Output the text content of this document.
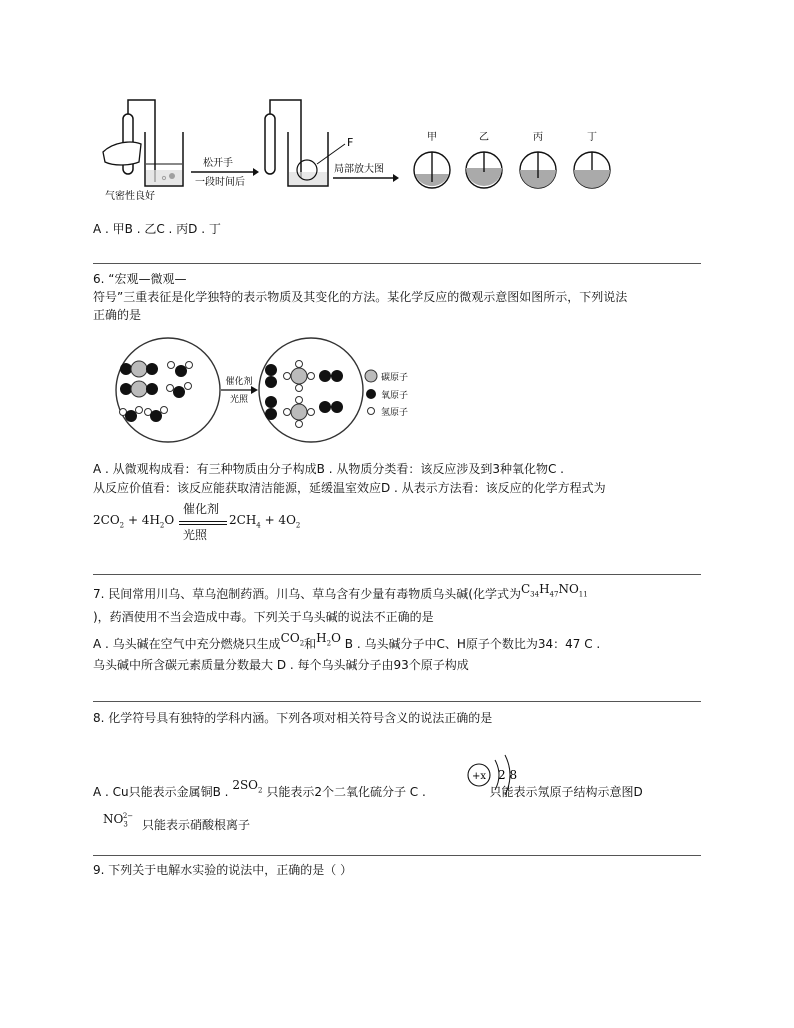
气密性良好
松开手
一段时间后
F
局部放大图
甲	乙	丙	丁
A . 甲B . 乙C . 丙D . 丁
6. “宏观—微观—
符号”三重表征是化学独特的表示物质及其变化的方法。某化学反应的微观示意图如图所示，下列说法
正确的是
催化剂
光照
碳原子
氧原子
氢原子
A . 从微观构成看：有三种物质由分子构成B . 从物质分类看：该反应涉及到3种氧化物C .
从反应价值看：该反应能获取清洁能源，延缓温室效应D . 从表示方法看：该反应的化学方程式为
$2CO_2 + 4H_2O$
催化剂
光照
$2CH_4 + 4O_2$
7. 民间常用川乌、草乌泡制药酒。川乌、草乌含有少量有毒物质乌头碱(化学式为$C_{34}H_{47}NO_{11}$
)，药酒使用不当会造成中毒。下列关于乌头碱的说法不正确的是
A . 乌头碱在空气中充分燃烧只生成$CO_2$和$H_2O$ B . 乌头碱分子中C、H原子个数比为34：47 C .
乌头碱中所含碳元素质量分数最大 D . 每个乌头碱分子由93个原子构成
8. 化学符号具有独特的学科内涵。下列各项对相关符号含义的说法正确的是
+x 2 8
A . Cu只能表示金属铜B . $2SO_2$ 只能表示2个二氧化硫分子 C .	只能表示氖原子结构示意图D
$NO_3^{2-}$ 只能表示硝酸根离子
9. 下列关于电解水实验的说法中，正确的是（ ）
